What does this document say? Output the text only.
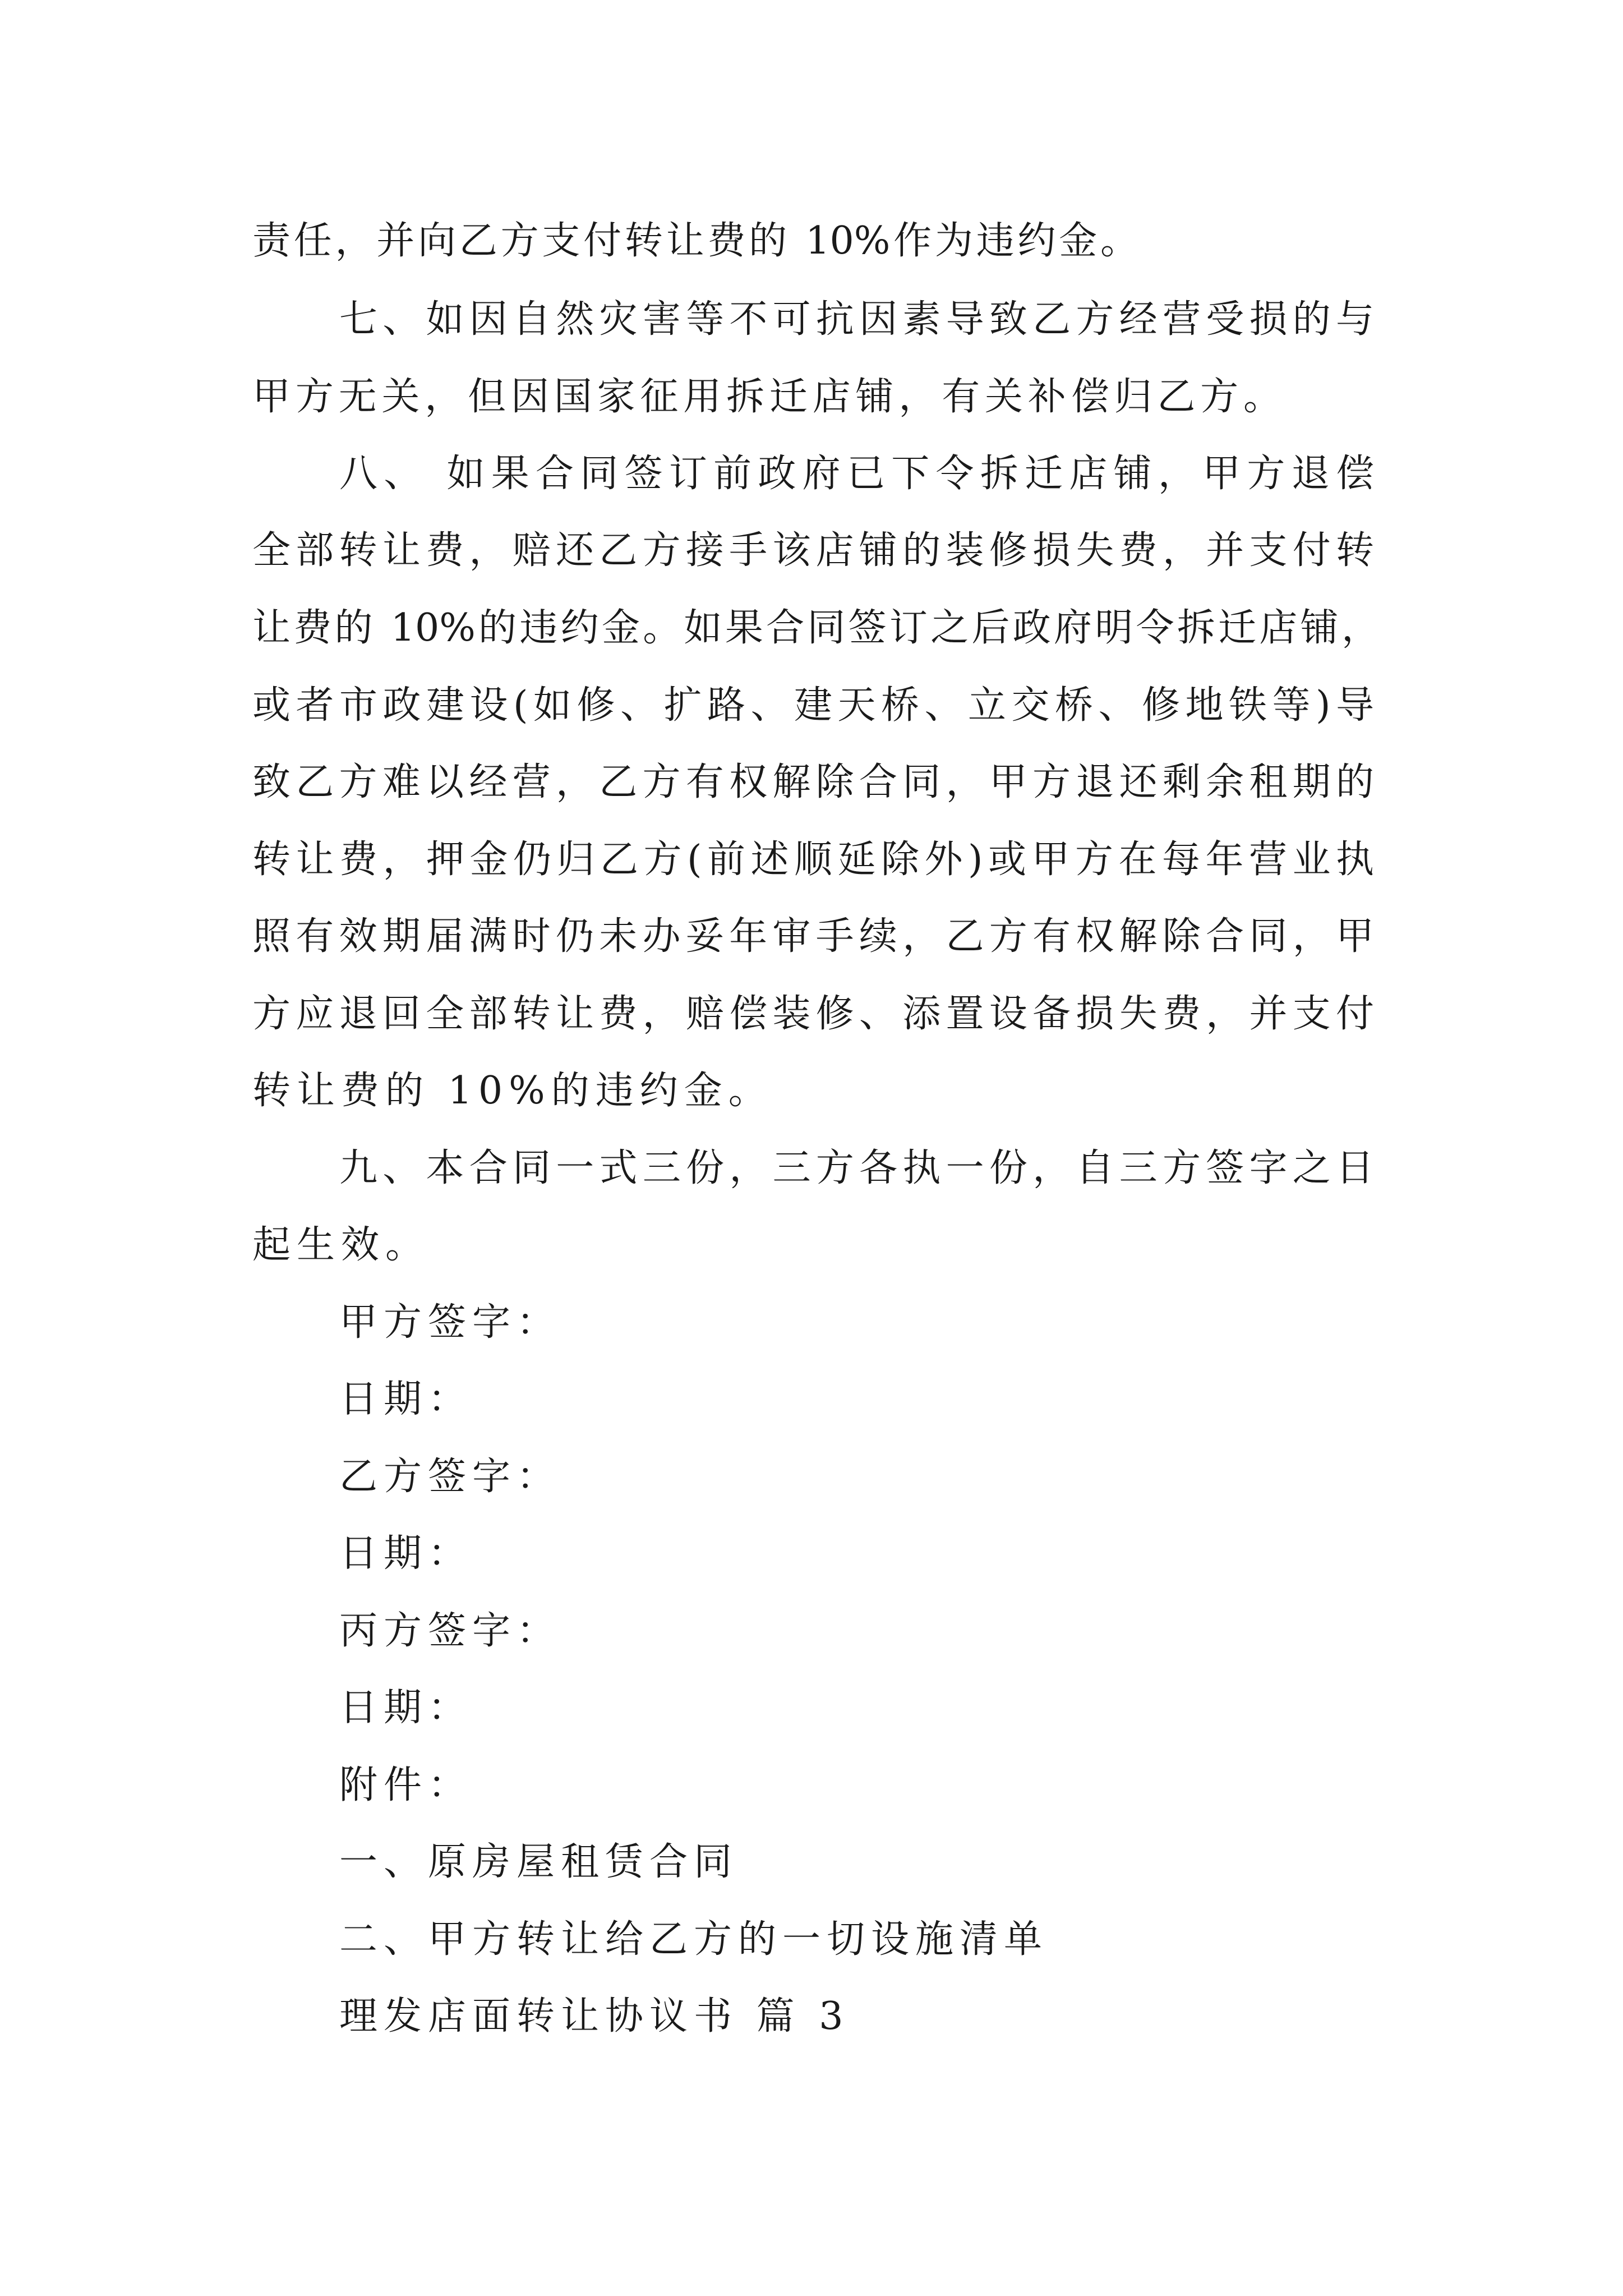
责任，并向乙方支付转让费的 10%作为违约金。
七、如因自然灾害等不可抗因素导致乙方经营受损的与
甲方无关，但因国家征用拆迁店铺，有关补偿归乙方。
八、 如果合同签订前政府已下令拆迁店铺，甲方退偿
全部转让费，赔还乙方接手该店铺的装修损失费，并支付转
让费的 10%的违约金。如果合同签订之后政府明令拆迁店铺，
或者市政建设(如修、扩路、建天桥、立交桥、修地铁等)导
致乙方难以经营，乙方有权解除合同，甲方退还剩余租期的
转让费，押金仍归乙方(前述顺延除外)或甲方在每年营业执
照有效期届满时仍未办妥年审手续，乙方有权解除合同，甲
方应退回全部转让费，赔偿装修、添置设备损失费，并支付
转让费的 10%的违约金。
九、本合同一式三份，三方各执一份，自三方签字之日
起生效。
甲方签字：
日期：
乙方签字：
日期：
丙方签字：
日期：
附件：
一、原房屋租赁合同
二、甲方转让给乙方的一切设施清单
理发店面转让协议书 篇 3
